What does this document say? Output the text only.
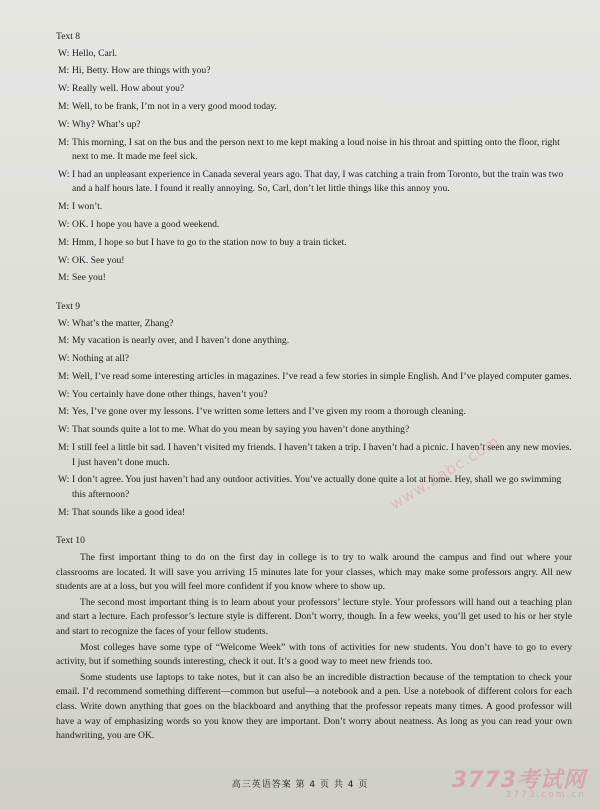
Text 8
W: Hello, Carl.
M: Hi, Betty. How are things with you?
W: Really well. How about you?
M: Well, to be frank, I’m not in a very good mood today.
W: Why? What’s up?
M: This morning, I sat on the bus and the person next to me kept making a loud noise in his throat and spitting onto the floor, right next to me. It made me feel sick.
W: I had an unpleasant experience in Canada several years ago. That day, I was catching a train from Toronto, but the train was two and a half hours late. I found it really annoying. So, Carl, don’t let little things like this annoy you.
M: I won’t.
W: OK. I hope you have a good weekend.
M: Hmm, I hope so but I have to go to the station now to buy a train ticket.
W: OK. See you!
M: See you!
Text 9
W: What’s the matter, Zhang?
M: My vacation is nearly over, and I haven’t done anything.
W: Nothing at all?
M: Well, I’ve read some interesting articles in magazines. I’ve read a few stories in simple English. And I’ve played computer games.
W: You certainly have done other things, haven’t you?
M: Yes, I’ve gone over my lessons. I’ve written some letters and I’ve given my room a thorough cleaning.
W: That sounds quite a lot to me. What do you mean by saying you haven’t done anything?
M: I still feel a little bit sad. I haven’t visited my friends. I haven’t taken a trip. I haven’t had a picnic. I haven’t seen any new movies. I just haven’t done much.
W: I don’t agree. You just haven’t had any outdoor activities. You’ve actually done quite a lot at home. Hey, shall we go swimming this afternoon?
M: That sounds like a good idea!
Text 10

The first important thing to do on the first day in college is to try to walk around the campus and find out where your classrooms are located. It will save you arriving 15 minutes late for your classes, which may make some professors angry. All new students are at a loss, but you will feel more confident if you know where to show up.

The second most important thing is to learn about your professors’ lecture style. Your professors will hand out a teaching plan and start a lecture. Each professor’s lecture style is different. Don’t worry, though. In a few weeks, you’ll get used to his or her style and start to recognize the faces of your fellow students.

Most colleges have some type of “Welcome Week” with tons of activities for new students. You don’t have to go to every activity, but if something sounds interesting, check it out. It’s a good way to meet new friends too.

Some students use laptops to take notes, but it can also be an incredible distraction because of the temptation to check your email. I’d recommend something different—common but useful—a notebook and a pen. Use a notebook of different colors for each class. Write down anything that goes on the blackboard and anything that the professor repeats many times. A good professor will have a way of emphasizing words so you know they are important. Don’t worry about neatness. As long as you can read your own handwriting, you are OK.

www.2abc.com
高三英语答案 第 4 页 共 4 页	3773考试网
3773.com.cn
